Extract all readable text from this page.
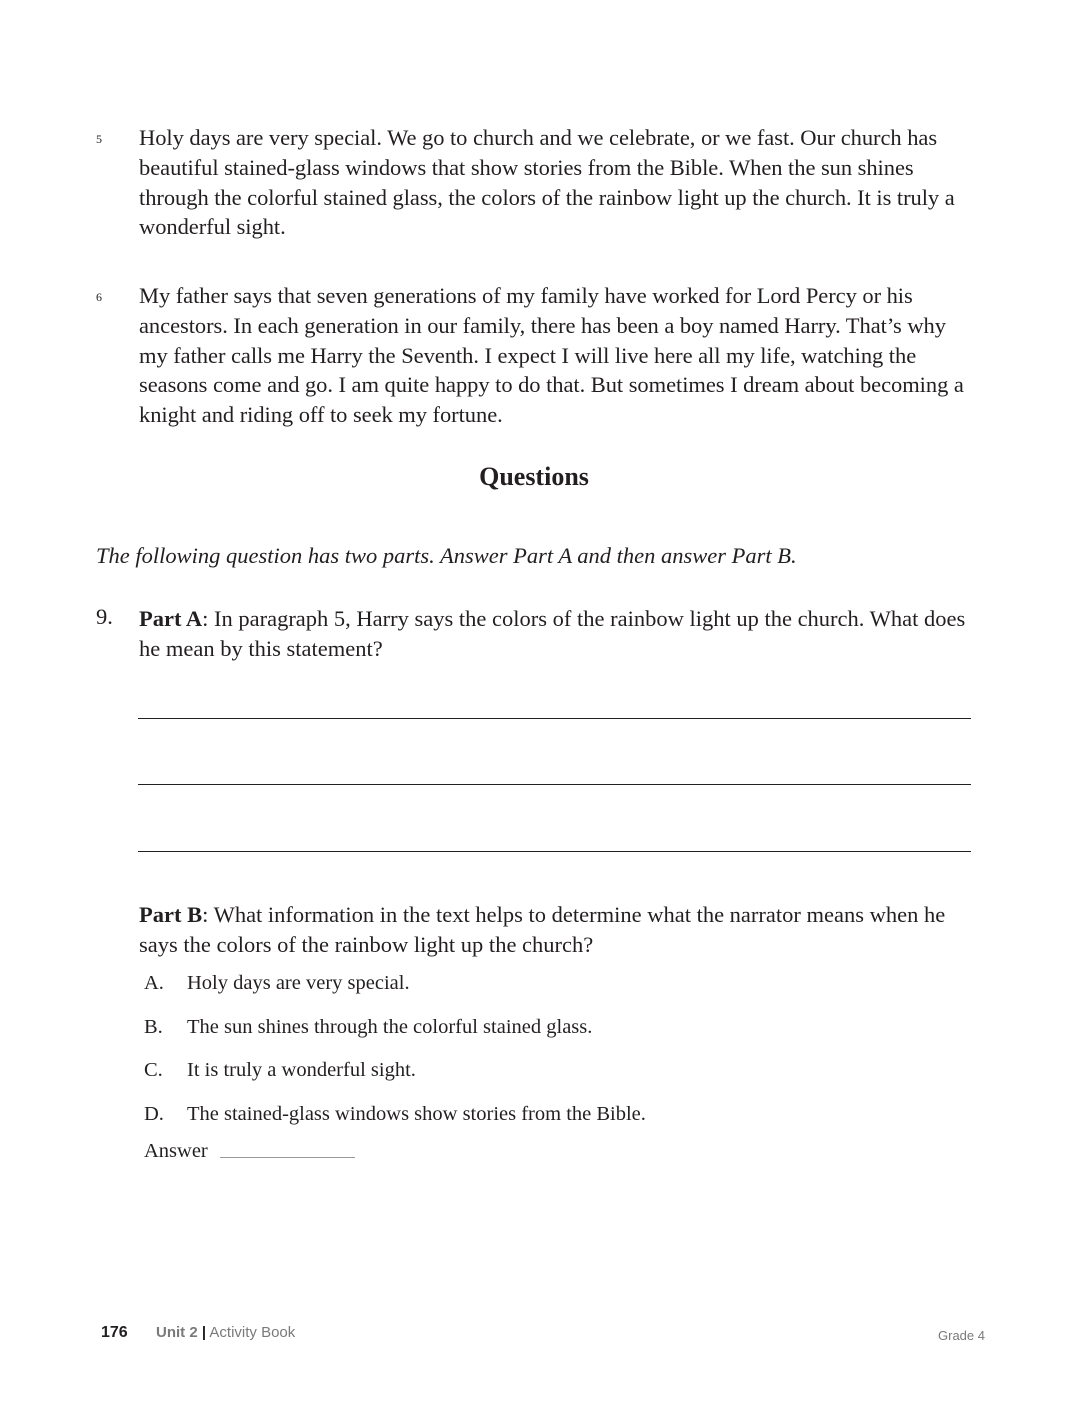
5 Holy days are very special. We go to church and we celebrate, or we fast. Our church has beautiful stained-glass windows that show stories from the Bible. When the sun shines through the colorful stained glass, the colors of the rainbow light up the church. It is truly a wonderful sight.
6 My father says that seven generations of my family have worked for Lord Percy or his ancestors. In each generation in our family, there has been a boy named Harry. That’s why my father calls me Harry the Seventh. I expect I will live here all my life, watching the seasons come and go. I am quite happy to do that. But sometimes I dream about becoming a knight and riding off to seek my fortune.
Questions
The following question has two parts. Answer Part A and then answer Part B.
9. Part A: In paragraph 5, Harry says the colors of the rainbow light up the church. What does he mean by this statement?
Part B: What information in the text helps to determine what the narrator means when he says the colors of the rainbow light up the church?
A. Holy days are very special.
B. The sun shines through the colorful stained glass.
C. It is truly a wonderful sight.
D. The stained-glass windows show stories from the Bible.
Answer
176 Unit 2 | Activity Book	Grade 4
